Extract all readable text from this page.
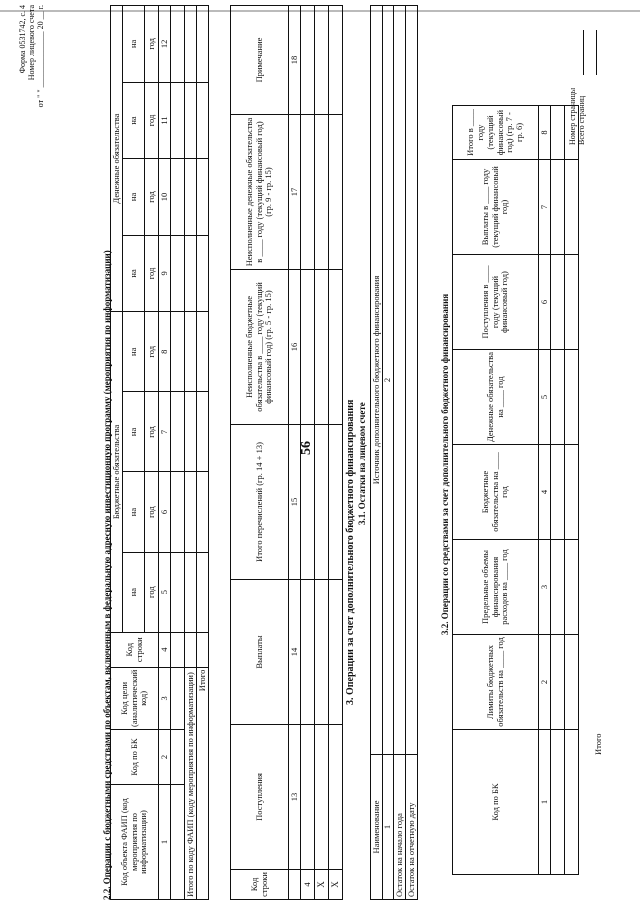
Форма 0531742, с. 4 Номер лицевого счета от " " ______________ 20 __ г.
2.2. Операции с бюджетными средствами по объектам, включенным в федеральную адресную инвестиционную программу (мероприятия по информатизации) Код объекта ФАИП (код мероприятия по информатизации)	Код по БК	Код цели (аналитический код)	Код строки	Бюджетные обязательства				Денежные обязательства			
				на	на	на	на	на	на	на	на
				год	год	год	год	год	год	год	год
1	2	3	4	5	6	7	8	9	10	11	12

Итого по коду ФАИП (коду мероприятия по информатизации)											
Итого											
Код строки	Поступления	Выплаты	Итого перечислений (гр. 14 + 13)	Неисполненные бюджетные обязательства в ____ году (текущий финансовый год) (гр. 5 - гр. 15)	Неисполненные денежные обязательства в ____ году (текущий финансовый год) (гр. 9 - гр. 15)	Примечание
	13	14	15	16	17	18
4						
X						
X						
3. Операции за счет дополнительного бюджетного финансирования 3.1. Остатки на лицевом счете
Наименование	Источник дополнительного бюджетного финансирования
1	2
Остаток на начало года	
Остаток на отчетную дату	
3.2. Операции со средствами за счет дополнительного бюджетного финансирования
Код по БК	Лимиты бюджетных обязательств на ____ год	Предельные объемы финансирования расходов на ____ год	Бюджетные обязательства на ____ год	Денежные обязательства на ____ год	Поступления в ____ году (текущий финансовый год)	Выплаты в ____ году (текущий финансовый год)	Итого в ____ году (текущий финансовый год) (гр. 7 - гр. 6)
1	2	3	4	5	6	7	8

Итого
Номер страницы Всего страниц
56
